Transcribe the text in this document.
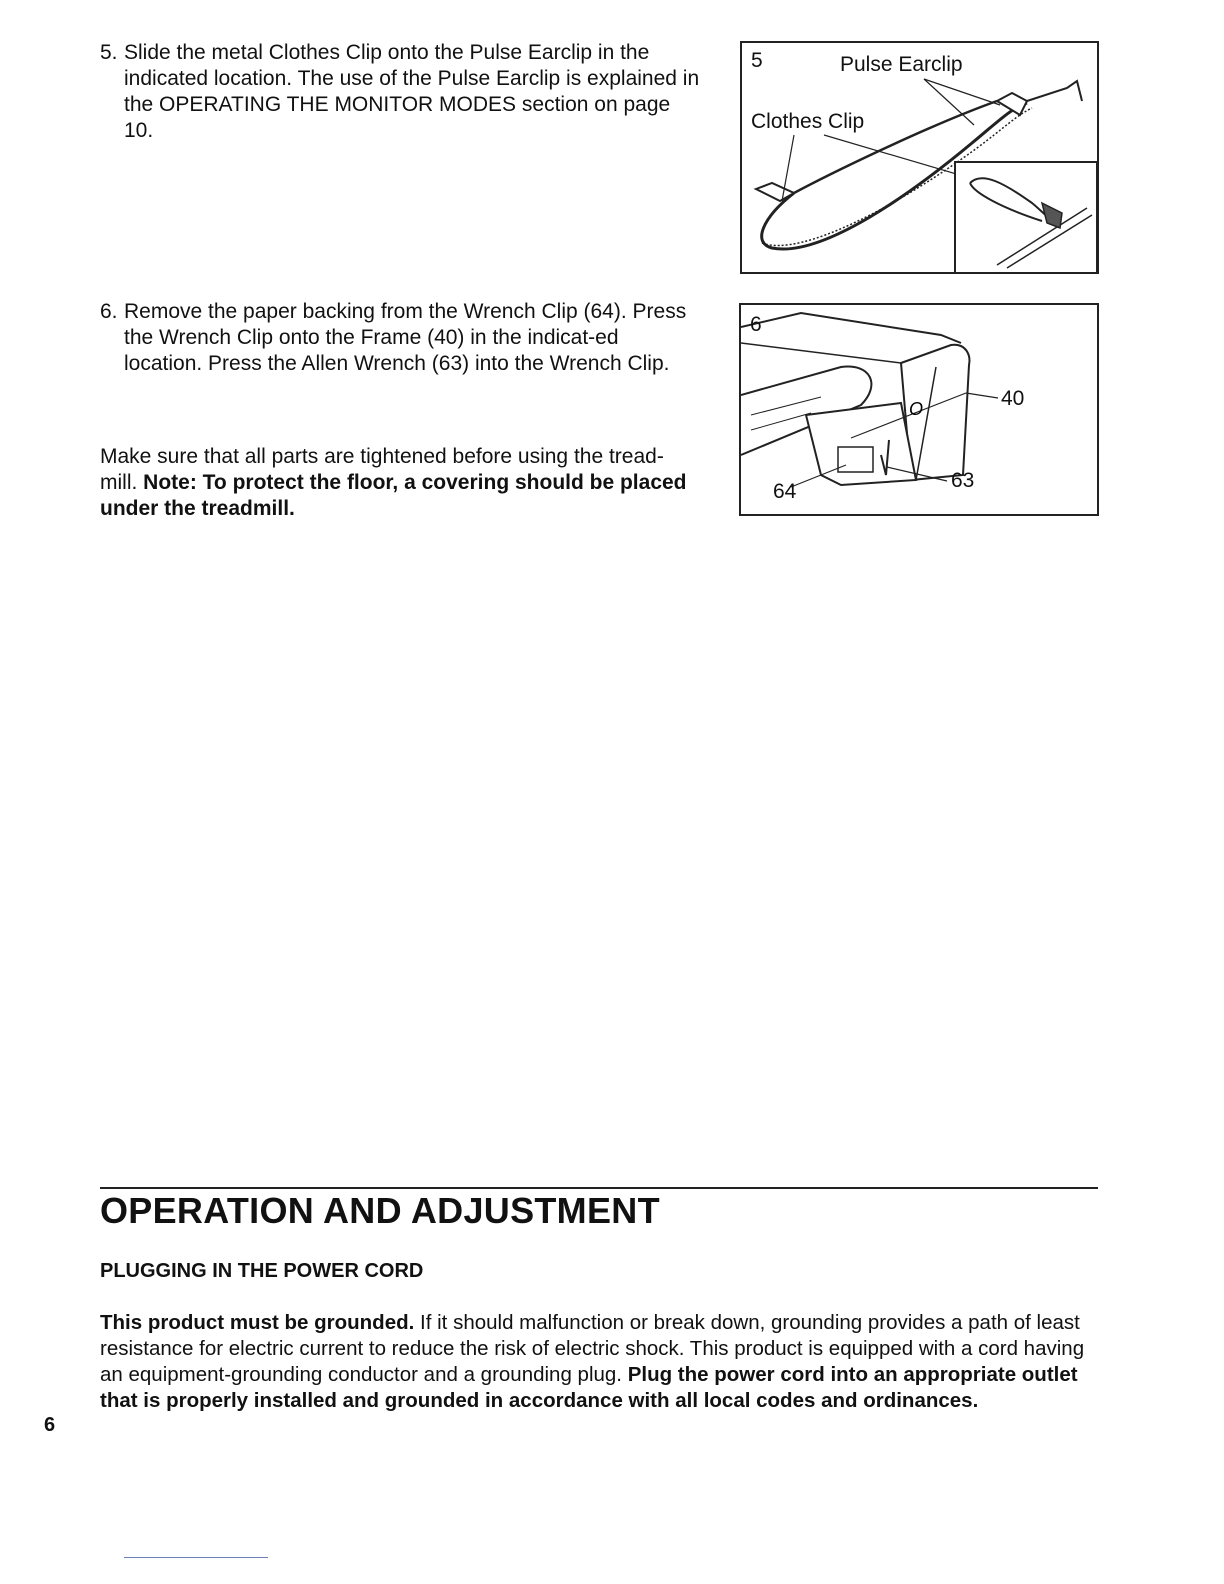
5. Slide the metal Clothes Clip onto the Pulse Earclip in the indicated location. The use of the Pulse Earclip is explained in the OPERATING THE MONITOR MODES section on page 10.
5	Pulse Earclip
Clothes Clip
6. Remove the paper backing from the Wrench Clip (64). Press the Wrench Clip onto the Frame (40) in the indicat-ed location. Press the Allen Wrench (63) into the Wrench Clip.
O
6
40
64	63
Make sure that all parts are tightened before using the tread-mill. Note: To protect the floor, a covering should be placed under the treadmill.
OPERATION AND ADJUSTMENT
PLUGGING IN THE POWER CORD
This product must be grounded. If it should malfunction or break down, grounding provides a path of least resistance for electric current to reduce the risk of electric shock. This product is equipped with a cord having an equipment-grounding conductor and a grounding plug. Plug the power cord into an appropriate outlet that is properly installed and grounded in accordance with all local codes and ordinances.
6
